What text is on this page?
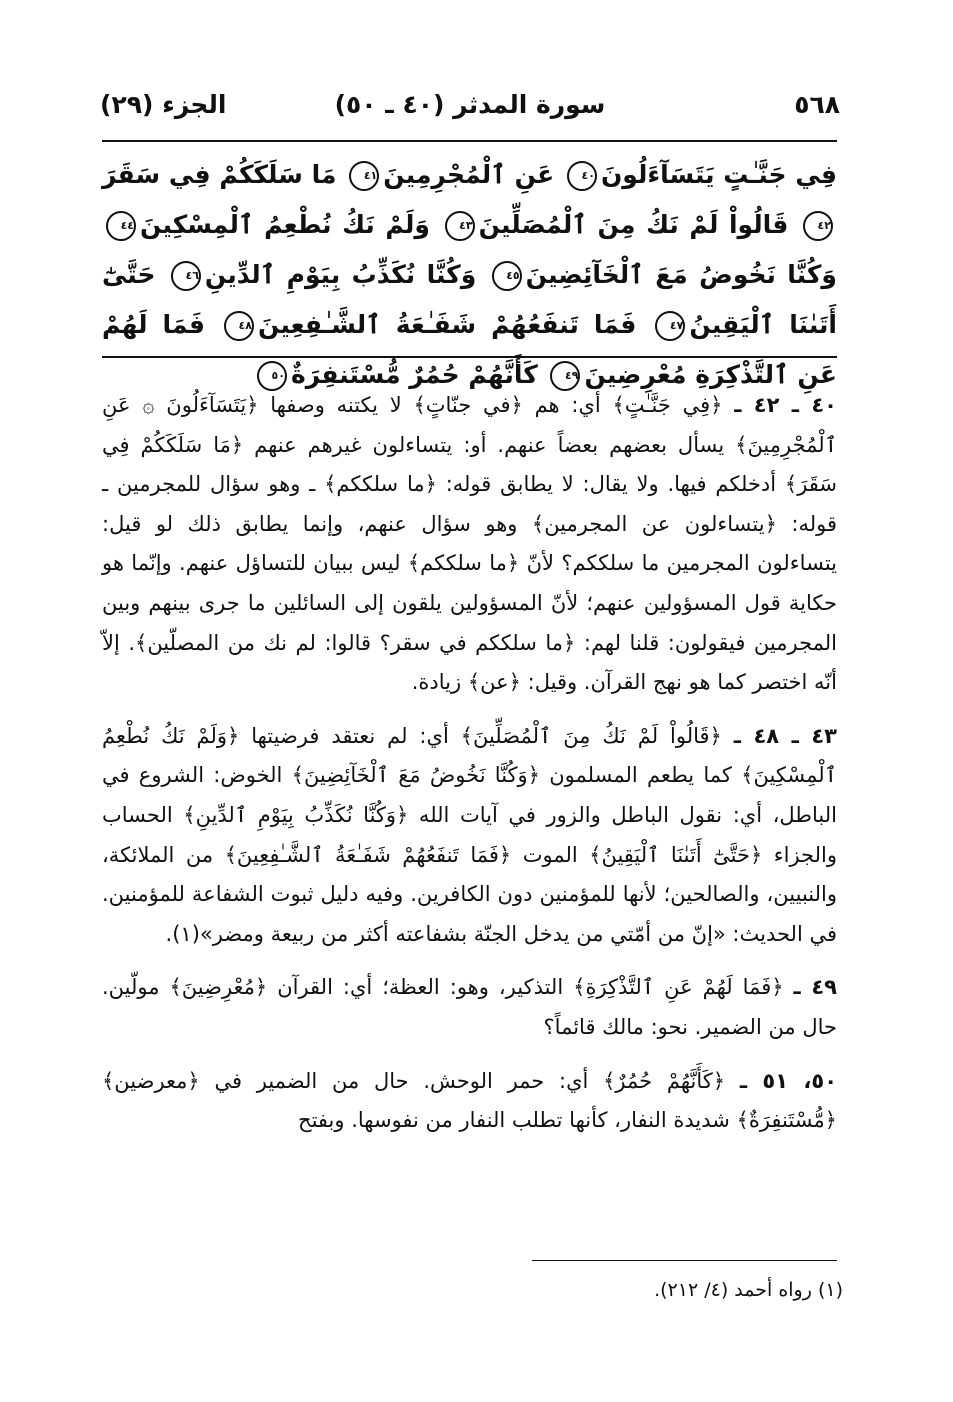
٥٦٨
سورة المدثر (٤٠ ـ ٥٠)
الجزء (٢٩)
فِي جَنَّـٰتٍ يَتَسَآءَلُونَ٤٠ عَنِ ٱلْمُجْرِمِينَ٤١ مَا سَلَكَكُمْ فِي سَقَرَ٤٢ قَالُواْ لَمْ نَكُ مِنَ ٱلْمُصَلِّينَ٤٣ وَلَمْ نَكُ نُطْعِمُ ٱلْمِسْكِينَ٤٤ وَكُنَّا نَخُوضُ مَعَ ٱلْخَآئِضِينَ٤٥ وَكُنَّا نُكَذِّبُ بِيَوْمِ ٱلدِّينِ٤٦ حَتَّىٰٓ أَتَىٰنَا ٱلْيَقِينُ٤٧ فَمَا تَنفَعُهُمْ شَفَـٰعَةُ ٱلشَّـٰفِعِينَ٤٨ فَمَا لَهُمْ عَنِ ٱلتَّذْكِرَةِ مُعْرِضِينَ٤٩ كَأَنَّهُمْ حُمُرٌ مُّسْتَنفِرَةٌ٥٠

٤٠ ـ ٤٢ ـ ﴿فِي جَنَّـٰتٍ﴾ أي: هم ﴿في جنّاتٍ﴾ لا يكتنه وصفها ﴿يَتَسَآءَلُونَ ۞ عَنِ ٱلْمُجْرِمِينَ﴾ يسأل بعضهم بعضاً عنهم. أو: يتساءلون غيرهم عنهم ﴿مَا سَلَكَكُمْ فِي سَقَرَ﴾ أدخلكم فيها. ولا يقال: لا يطابق قوله: ﴿ما سلككم﴾ ـ وهو سؤال للمجرمين ـ قوله: ﴿يتساءلون عن المجرمين﴾ وهو سؤال عنهم، وإنما يطابق ذلك لو قيل: يتساءلون المجرمين ما سلككم؟ لأنّ ﴿ما سلككم﴾ ليس ببيان للتساؤل عنهم. وإنّما هو حكاية قول المسؤولين عنهم؛ لأنّ المسؤولين يلقون إلى السائلين ما جرى بينهم وبين المجرمين فيقولون: قلنا لهم: ﴿ما سلككم في سقر؟ قالوا: لم نك من المصلّين﴾. إلاّ أنّه اختصر كما هو نهج القرآن. وقيل: ﴿عن﴾ زيادة.

٤٣ ـ ٤٨ ـ ﴿قَالُواْ لَمْ نَكُ مِنَ ٱلْمُصَلِّينَ﴾ أي: لم نعتقد فرضيتها ﴿وَلَمْ نَكُ نُطْعِمُ ٱلْمِسْكِينَ﴾ كما يطعم المسلمون ﴿وَكُنَّا نَخُوضُ مَعَ ٱلْخَآئِضِينَ﴾ الخوض: الشروع في الباطل، أي: نقول الباطل والزور في آيات الله ﴿وَكُنَّا نُكَذِّبُ بِيَوْمِ ٱلدِّينِ﴾ الحساب والجزاء ﴿حَتَّىٰٓ أَتَىٰنَا ٱلْيَقِينُ﴾ الموت ﴿فَمَا تَنفَعُهُمْ شَفَـٰعَةُ ٱلشَّـٰفِعِينَ﴾ من الملائكة، والنبيين، والصالحين؛ لأنها للمؤمنين دون الكافرين. وفيه دليل ثبوت الشفاعة للمؤمنين. في الحديث: «إنّ من أمّتي من يدخل الجنّة بشفاعته أكثر من ربيعة ومضر»(١).

٤٩ ـ ﴿فَمَا لَهُمْ عَنِ ٱلتَّذْكِرَةِ﴾ التذكير، وهو: العظة؛ أي: القرآن ﴿مُعْرِضِينَ﴾ مولّين. حال من الضمير. نحو: مالك قائماً؟

٥٠، ٥١ ـ ﴿كَأَنَّهُمْ حُمُرٌ﴾ أي: حمر الوحش. حال من الضمير في ﴿معرضين﴾ ﴿مُّسْتَنفِرَةٌ﴾ شديدة النفار، كأنها تطلب النفار من نفوسها. وبفتح

(١) رواه أحمد (٤/ ٢١٢).
